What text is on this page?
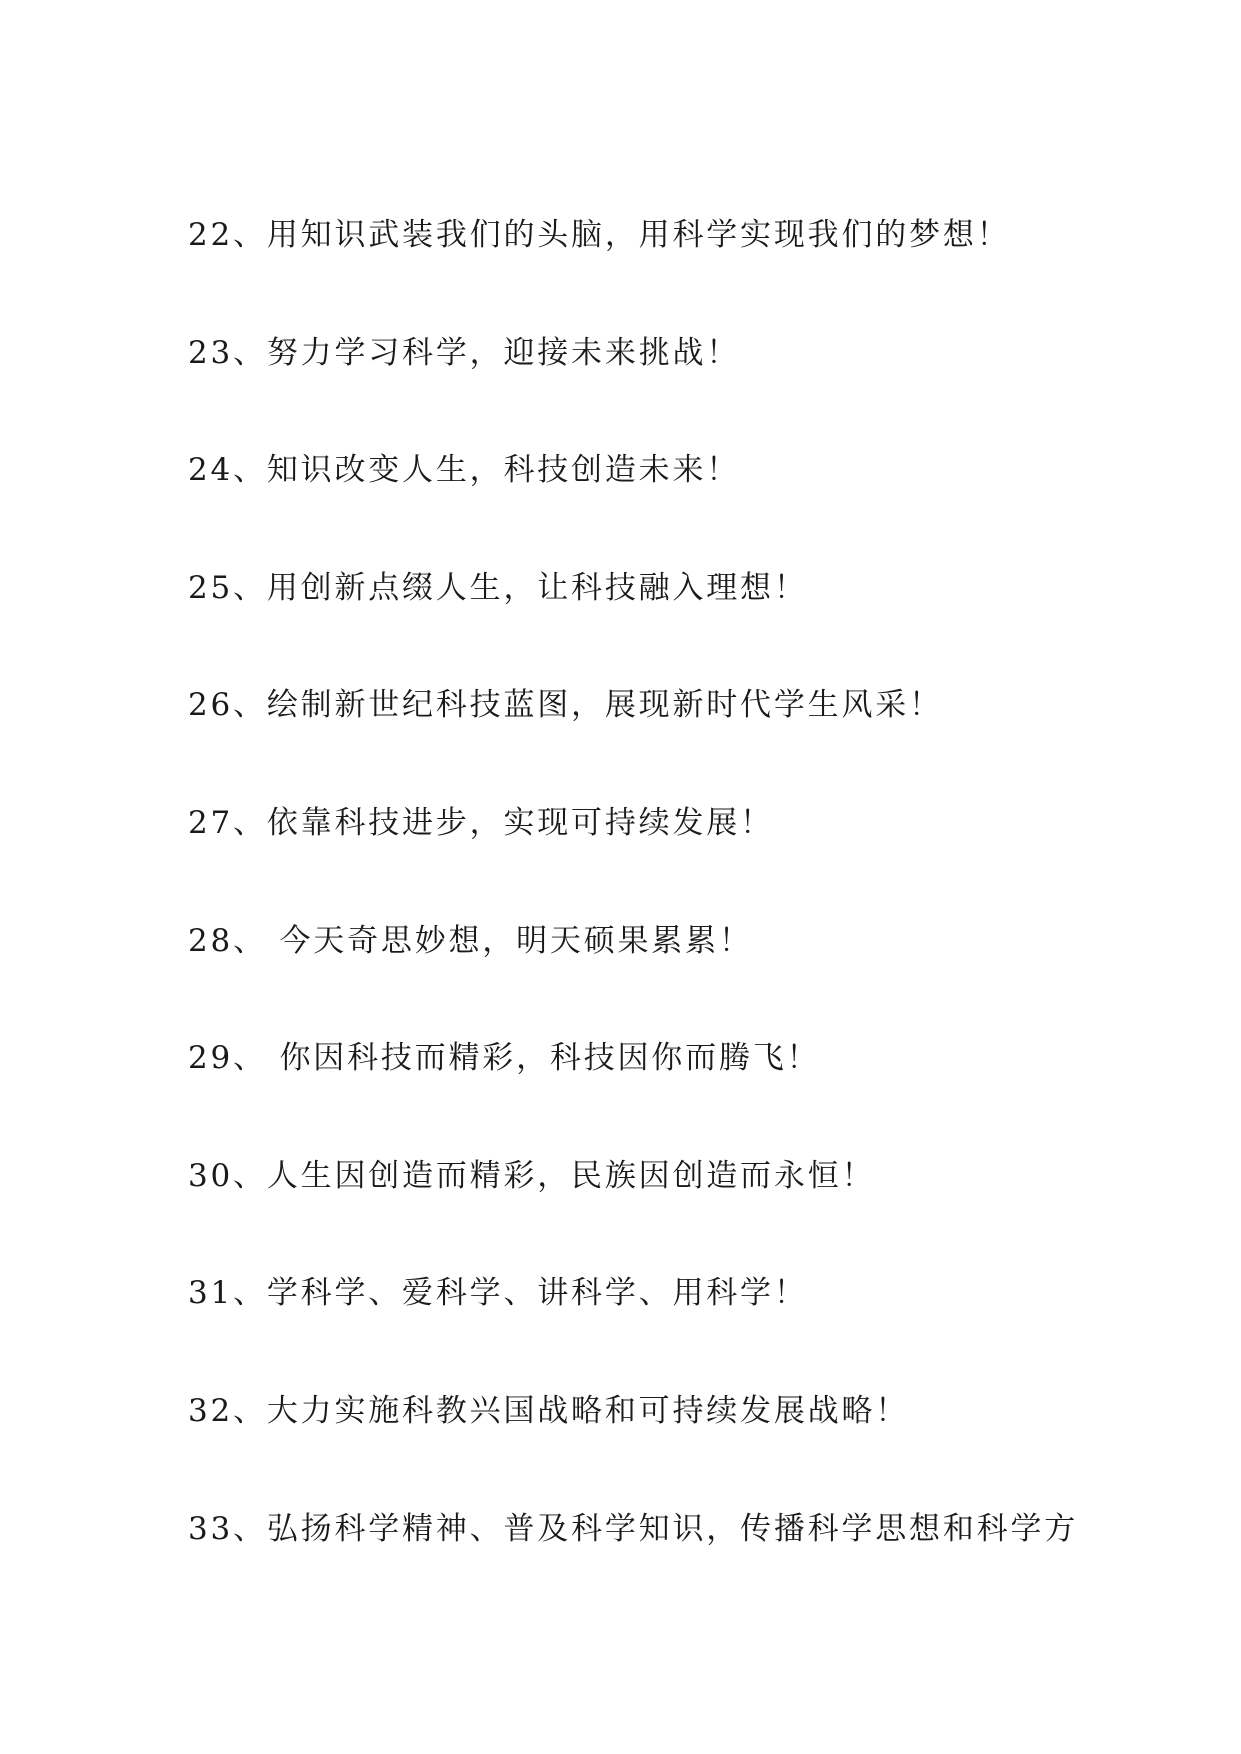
22、用知识武装我们的头脑，用科学实现我们的梦想！
23、努力学习科学，迎接未来挑战！
24、知识改变人生，科技创造未来！
25、用创新点缀人生，让科技融入理想！
26、绘制新世纪科技蓝图，展现新时代学生风采！
27、依靠科技进步，实现可持续发展！
28、 今天奇思妙想，明天硕果累累！
29、 你因科技而精彩，科技因你而腾飞！
30、人生因创造而精彩，民族因创造而永恒！
31、学科学、爱科学、讲科学、用科学！
32、大力实施科教兴国战略和可持续发展战略！
33、弘扬科学精神、普及科学知识，传播科学思想和科学方
